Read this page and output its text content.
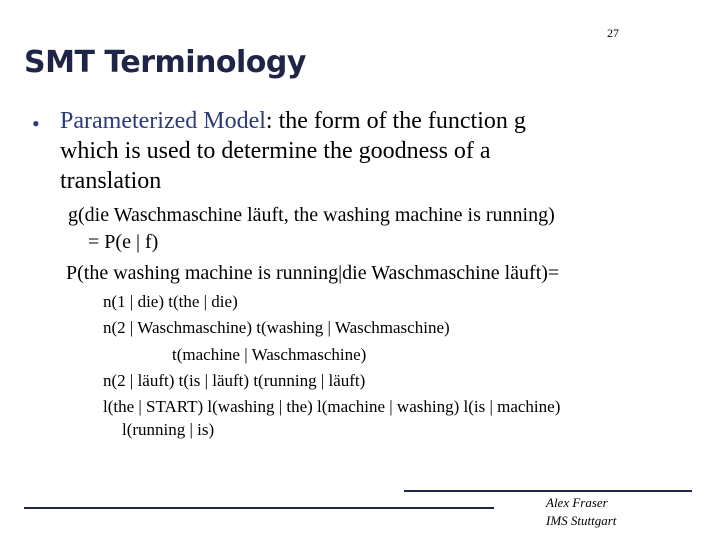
27
SMT Terminology
• Parameterized Model: the form of the function g
which is used to determine the goodness of a
translation
g(die Waschmaschine läuft, the washing machine is running)
= P(e | f)
P(the washing machine is running|die Waschmaschine läuft)=
n(1 | die) t(the | die)
n(2 | Waschmaschine) t(washing | Waschmaschine)
t(machine | Waschmaschine)
n(2 | läuft) t(is | läuft) t(running | läuft)
l(the | START) l(washing | the) l(machine | washing) l(is | machine)
l(running | is)
Alex Fraser
IMS Stuttgart
